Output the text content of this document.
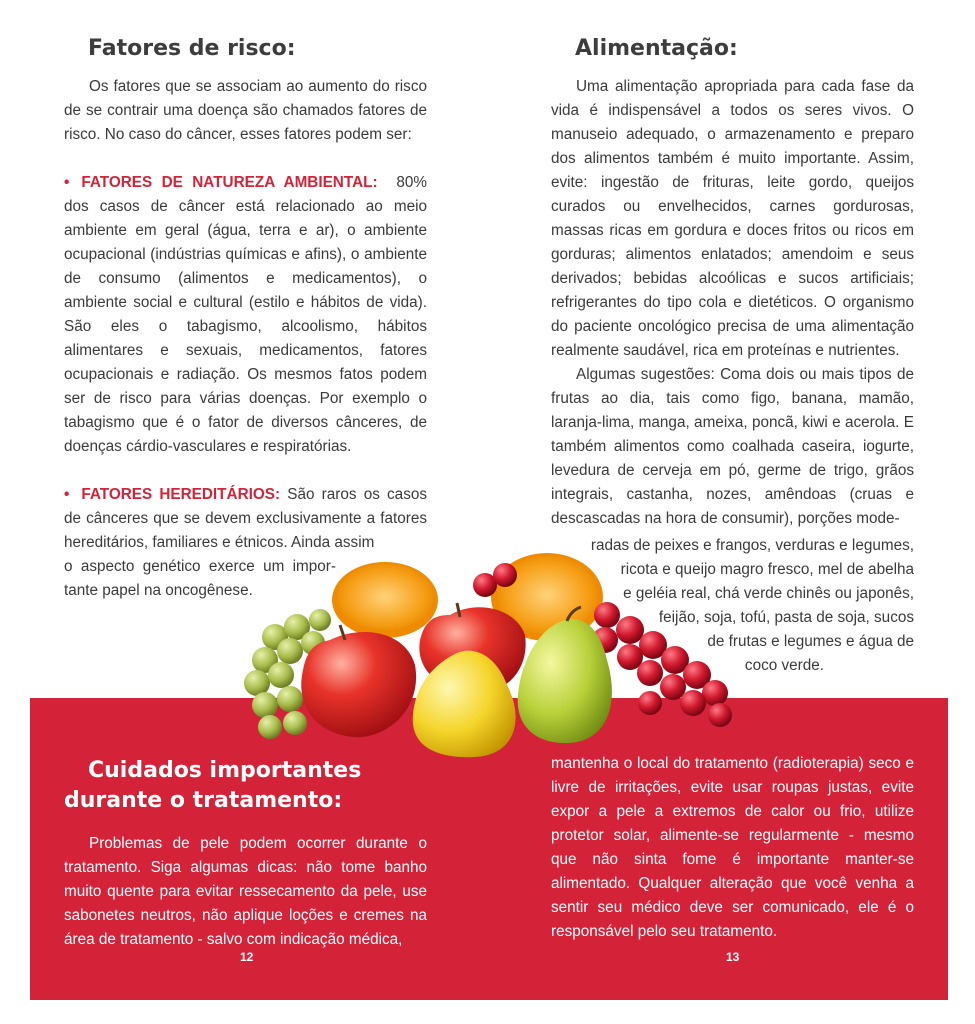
Fatores de risco:

Os fatores que se associam ao aumento do risco de se contrair uma doença são chamados fatores de risco. No caso do câncer, esses fatores podem ser:

• FATORES DE NATUREZA AMBIENTAL: 80% dos casos de câncer está relacionado ao meio ambiente em geral (água, terra e ar), o ambiente ocupacional (indústrias químicas e afins), o ambiente de consumo (alimentos e medicamentos), o ambiente social e cultural (estilo e hábitos de vida). São eles o tabagismo, alcoolismo, hábitos alimentares e sexuais, medicamentos, fatores ocupacionais e radiação. Os mesmos fatos podem ser de risco para várias doenças. Por exemplo o tabagismo que é o fator de diversos cânceres, de doenças cárdio-vasculares e respiratórias.

• FATORES HEREDITÁRIOS: São raros os casos de cânceres que se devem exclusivamente a fatores hereditários, familiares e étnicos. Ainda assim

o aspecto genético exerce um impor-
tante papel na oncogênese.
Alimentação:

Uma alimentação apropriada para cada fase da vida é indispensável a todos os seres vivos. O manuseio adequado, o armazenamento e preparo dos alimentos também é muito importante. Assim, evite: ingestão de frituras, leite gordo, queijos curados ou envelhecidos, carnes gordurosas, massas ricas em gordura e doces fritos ou ricos em gorduras; alimentos enlatados; amendoim e seus derivados; bebidas alcoólicas e sucos artificiais; refrigerantes do tipo cola e dietéticos. O organismo do paciente oncológico precisa de uma alimentação realmente saudável, rica em proteínas e nutrientes.

Algumas sugestões: Coma dois ou mais tipos de frutas ao dia, tais como figo, banana, mamão, laranja-lima, manga, ameixa, poncã, kiwi e acerola. E também alimentos como coalhada caseira, iogurte, levedura de cerveja em pó, germe de trigo, grãos integrais, castanha, nozes, amêndoas (cruas e descascadas na hora de consumir), porções mode-

radas de peixes e frangos, verduras e legumes,
ricota e queijo magro fresco, mel de abelha
e geléia real, chá verde chinês ou japonês,
feijão, soja, tofú, pasta de soja, sucos
de frutas e legumes e água de
coco verde.
Cuidados importantes durante o tratamento:

Problemas de pele podem ocorrer durante o tratamento. Siga algumas dicas: não tome banho muito quente para evitar ressecamento da pele, use sabonetes neutros, não aplique loções e cremes na área de tratamento - salvo com indicação médica,

mantenha o local do tratamento (radioterapia) seco e livre de irritações, evite usar roupas justas, evite expor a pele a extremos de calor ou frio, utilize protetor solar, alimente-se regularmente - mesmo que não sinta fome é importante manter-se alimentado. Qualquer alteração que você venha a sentir seu médico deve ser comunicado, ele é o responsável pelo seu tratamento.

12	13
